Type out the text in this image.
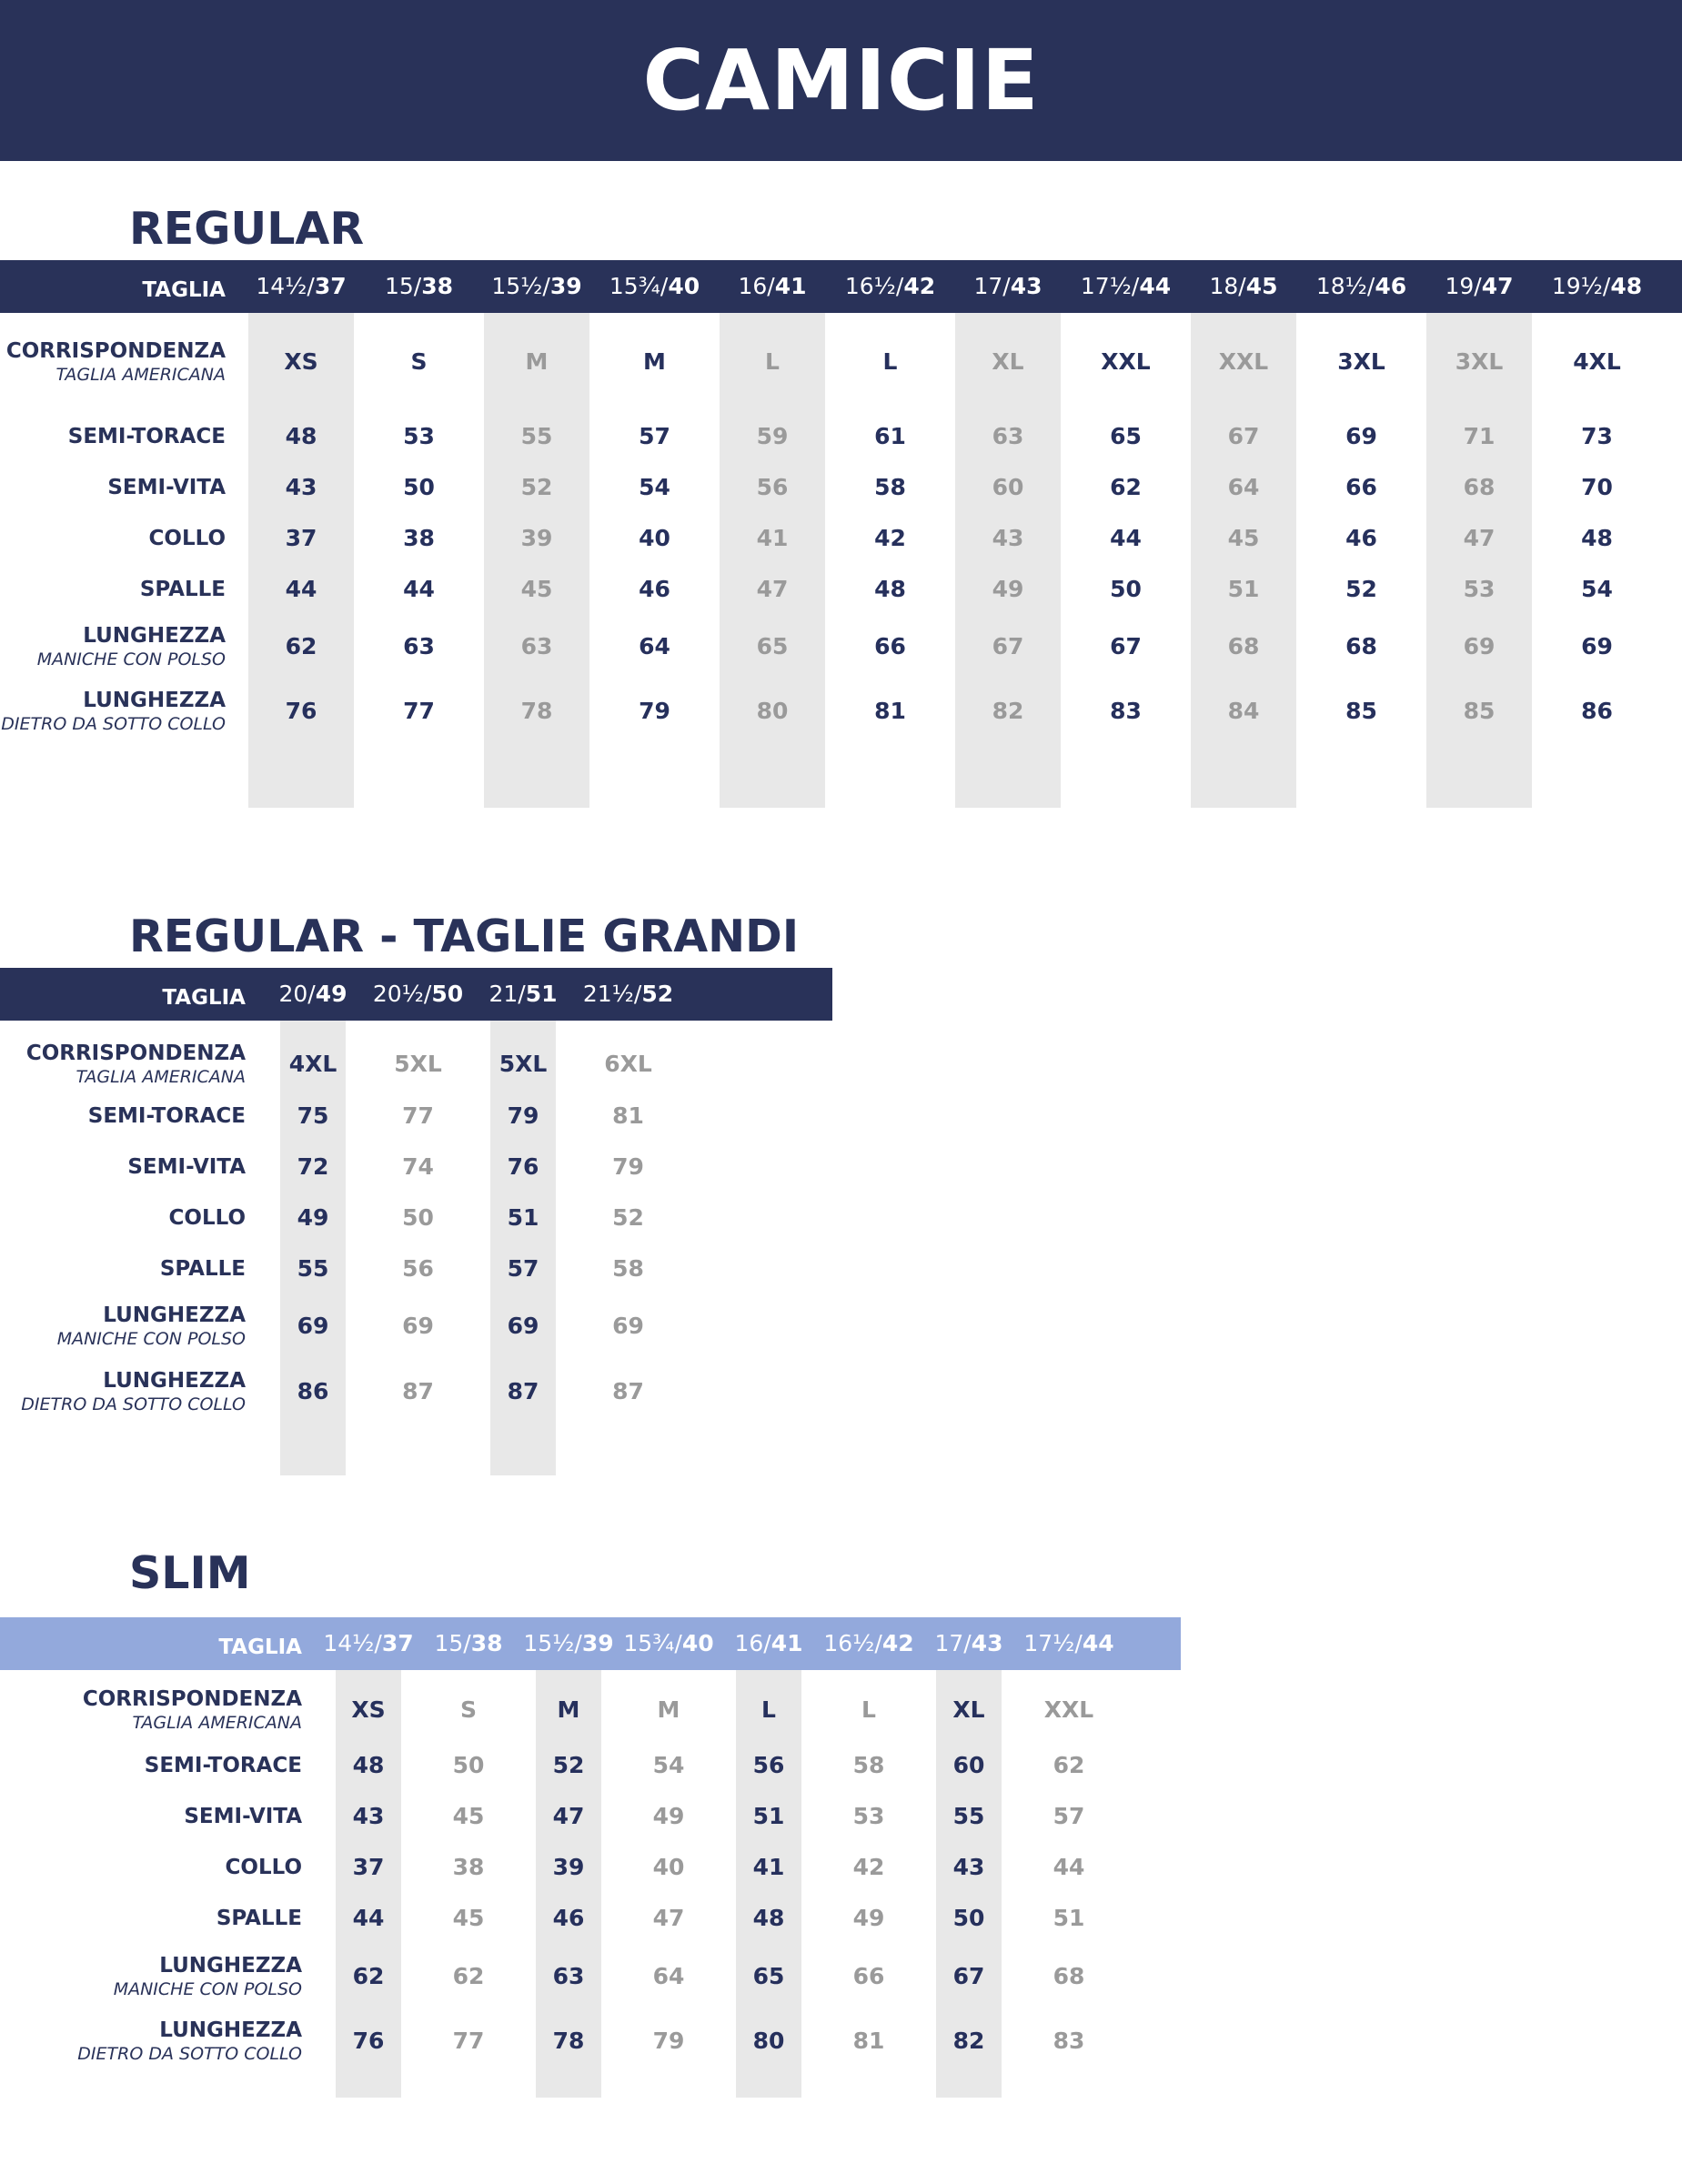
CAMICIE
REGULAR
TAGLIA	14½/37	15/38	15½/39	15¾/40	16/41	16½/42	17/43	17½/44	18/45	18½/46	19/47	19½/48
CORRISPONDENZA
TAGLIA AMERICANA	XS	S	M	M	L	L	XL	XXL	XXL	3XL	3XL	4XL
SEMI-TORACE	48	53	55	57	59	61	63	65	67	69	71	73
SEMI-VITA	43	50	52	54	56	58	60	62	64	66	68	70
COLLO	37	38	39	40	41	42	43	44	45	46	47	48
SPALLE	44	44	45	46	47	48	49	50	51	52	53	54
LUNGHEZZA
MANICHE CON POLSO	62	63	63	64	65	66	67	67	68	68	69	69
LUNGHEZZA
DIETRO DA SOTTO COLLO	76	77	78	79	80	81	82	83	84	85	85	86
REGULAR - TAGLIE GRANDI
TAGLIA	20/49	20½/50	21/51	21½/52
CORRISPONDENZA
TAGLIA AMERICANA	4XL	5XL	5XL	6XL
SEMI-TORACE	75	77	79	81
SEMI-VITA	72	74	76	79
COLLO	49	50	51	52
SPALLE	55	56	57	58
LUNGHEZZA
MANICHE CON POLSO	69	69	69	69
LUNGHEZZA
DIETRO DA SOTTO COLLO	86	87	87	87
SLIM
TAGLIA 14½/37 15/38 15½/39 15¾/40 16/41 16½/42 17/43 17½/44
CORRISPONDENZA
TAGLIA AMERICANA	XS	S	M	M	L	L	XL	XXL
SEMI-TORACE	48	50	52	54	56	58	60	62
SEMI-VITA	43	45	47	49	51	53	55	57
COLLO	37	38	39	40	41	42	43	44
SPALLE	44	45	46	47	48	49	50	51
LUNGHEZZA
MANICHE CON POLSO	62	62	63	64	65	66	67	68
LUNGHEZZA
DIETRO DA SOTTO COLLO	76	77	78	79	80	81	82	83
